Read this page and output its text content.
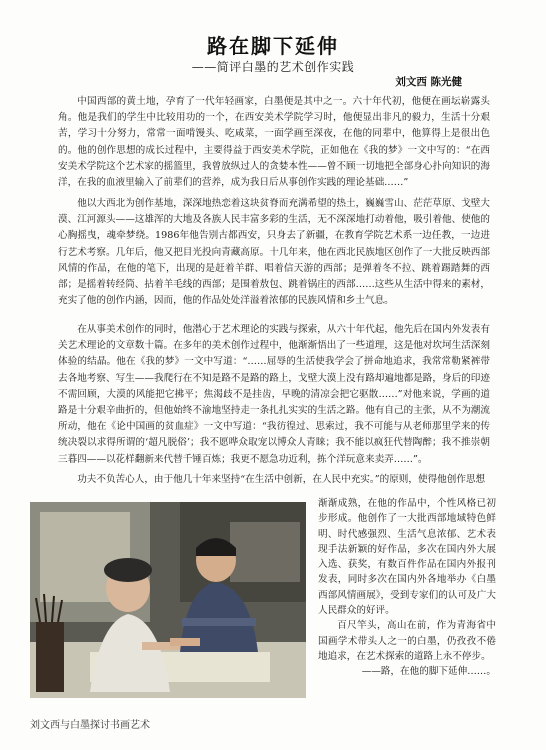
路在脚下延伸
——简评白墨的艺术创作实践
刘文西 陈光健

中国西部的黄土地，孕育了一代年轻画家，白墨便是其中之一。六十年代初，他便在画坛崭露头角。他是我们的学生中比较用功的一个，在西安美术学院学习时，他便显出非凡的毅力，生活十分艰苦，学习十分努力，常常一面啃馒头、吃咸菜，一面学画至深夜，在他的同辈中，他算得上是很出色的。他的创作思想的成长过程中，主要得益于西安美术学院，正如他在《我的梦》一文中写的：“在西安美术学院这个艺术家的摇篮里，我曾放纵过人的贪婪本性——曾不顾一切地把全部身心扑向知识的海洋，在我的血液里输入了前辈们的营养，成为我日后从事创作实践的理论基础……”

他以大西北为创作基地，深深地热恋着这块贫脊而充满希望的热土，巍巍雪山、茫茫草原、戈壁大漠、江河源头——这雄浑的大地及各族人民丰富多彩的生活，无不深深地打动着他，吸引着他、使他的心胸摇曳，魂牵梦绕。1986年他告别古都西安，只身去了新疆，在教育学院艺术系一边任教，一边进行艺术考察。几年后，他又把目光投向青藏高原。十几年来，他在西北民族地区创作了一大批反映西部风情的作品，在他的笔下，出现的是赶着羊群、唱着信天游的西部；是弹着冬不拉、跳着踢踏舞的西部；是摇着转经筒、拈着羊毛线的西部；是围着敖包、跳着锅庄的西部……这些从生活中得来的素材，充实了他的创作内涵，因而，他的作品处处洋溢着浓郁的民族风情和乡土气息。

在从事美术创作的同时，他潜心于艺术理论的实践与探索，从六十年代起，他先后在国内外发表有关艺术理论的文章数十篇。在多年的美术创作过程中，他渐渐悟出了一些道理，这是他对坎坷生活深刻体验的结晶。他在《我的梦》一文中写道：“……屈辱的生活使我学会了拼命地追求，我常常勒紧裤带去各地考察、写生——我爬行在不知是路不是路的路上，戈壁大漠上没有路却遍地都是路，身后的印迹不需回顾，大漠的风能把它拂平；焦渴歧不是挂齿，早晚的清凉会把它驱散……”对他来说，学画的道路是十分艰辛曲折的，但他始终不渝地坚持走一条扎扎实实的生活之路。他有自己的主张，从不为潮流所动，他在《论中国画的贫血症》一文中写道：“我彷徨过、思索过，我不可能与从老师那里学来的传统决裂以求得所谓的‘超凡脱俗’；我不愿哗众取宠以博众人青睐；我不能以疯狂代替陶醉；我不推崇朝三暮四——以花样翻新来代替千锤百炼；我更不愿急功近利，拣个洋玩意来卖弄……”。

功夫不负苦心人，由于他几十年来坚持“在生活中创新，在人民中充实。”的原则，使得他创作思想

渐渐成熟，在他的作品中，个性风格已初步形成。他创作了一大批西部地域特色鲜明、时代感强烈、生活气息浓郁、艺术表现手法新颖的好作品，多次在国内外大展入选、获奖，有数百件作品在国内外报刊发表，同时多次在国内外各地举办《白墨西部风情画展》，受到专家们的认可及广大人民群众的好评。

百尺竿头，高山在前，作为青海省中国画学术带头人之一的白墨，仍孜孜不倦地追求，在艺术探索的道路上永不停步。

——路，在他的脚下延伸……。

刘文西与白墨探讨书画艺术
